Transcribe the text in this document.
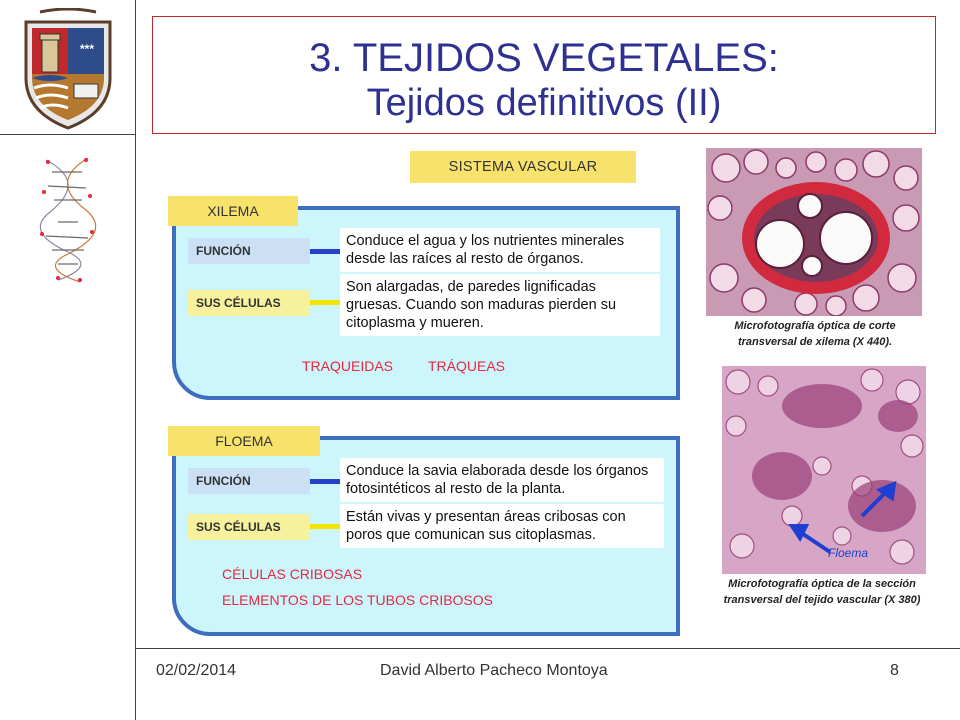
***	3. TEJIDOS VEGETALES:
Tejidos definitivos (II)
SISTEMA VASCULAR
XILEMA
FUNCIÓN
Conduce el agua y los nutrientes minerales desde las raíces al resto de órganos.
SUS CÉLULAS
Son alargadas, de paredes lignificadas gruesas. Cuando son maduras pierden su citoplasma y mueren.
TRAQUEIDAS TRÁQUEAS
FLOEMA
FUNCIÓN
Conduce la savia elaborada desde los órganos fotosintéticos al resto de la planta.
SUS CÉLULAS
Están vivas y presentan áreas cribosas con poros que comunican sus citoplasmas.
CÉLULAS CRIBOSAS
ELEMENTOS DE LOS TUBOS CRIBOSOS
Microfotografía óptica de corte
transversal de xilema (X 440).
Floema
Microfotografía óptica de la sección
transversal del tejido vascular (X 380)
02/02/2014	David Alberto Pacheco Montoya	8
